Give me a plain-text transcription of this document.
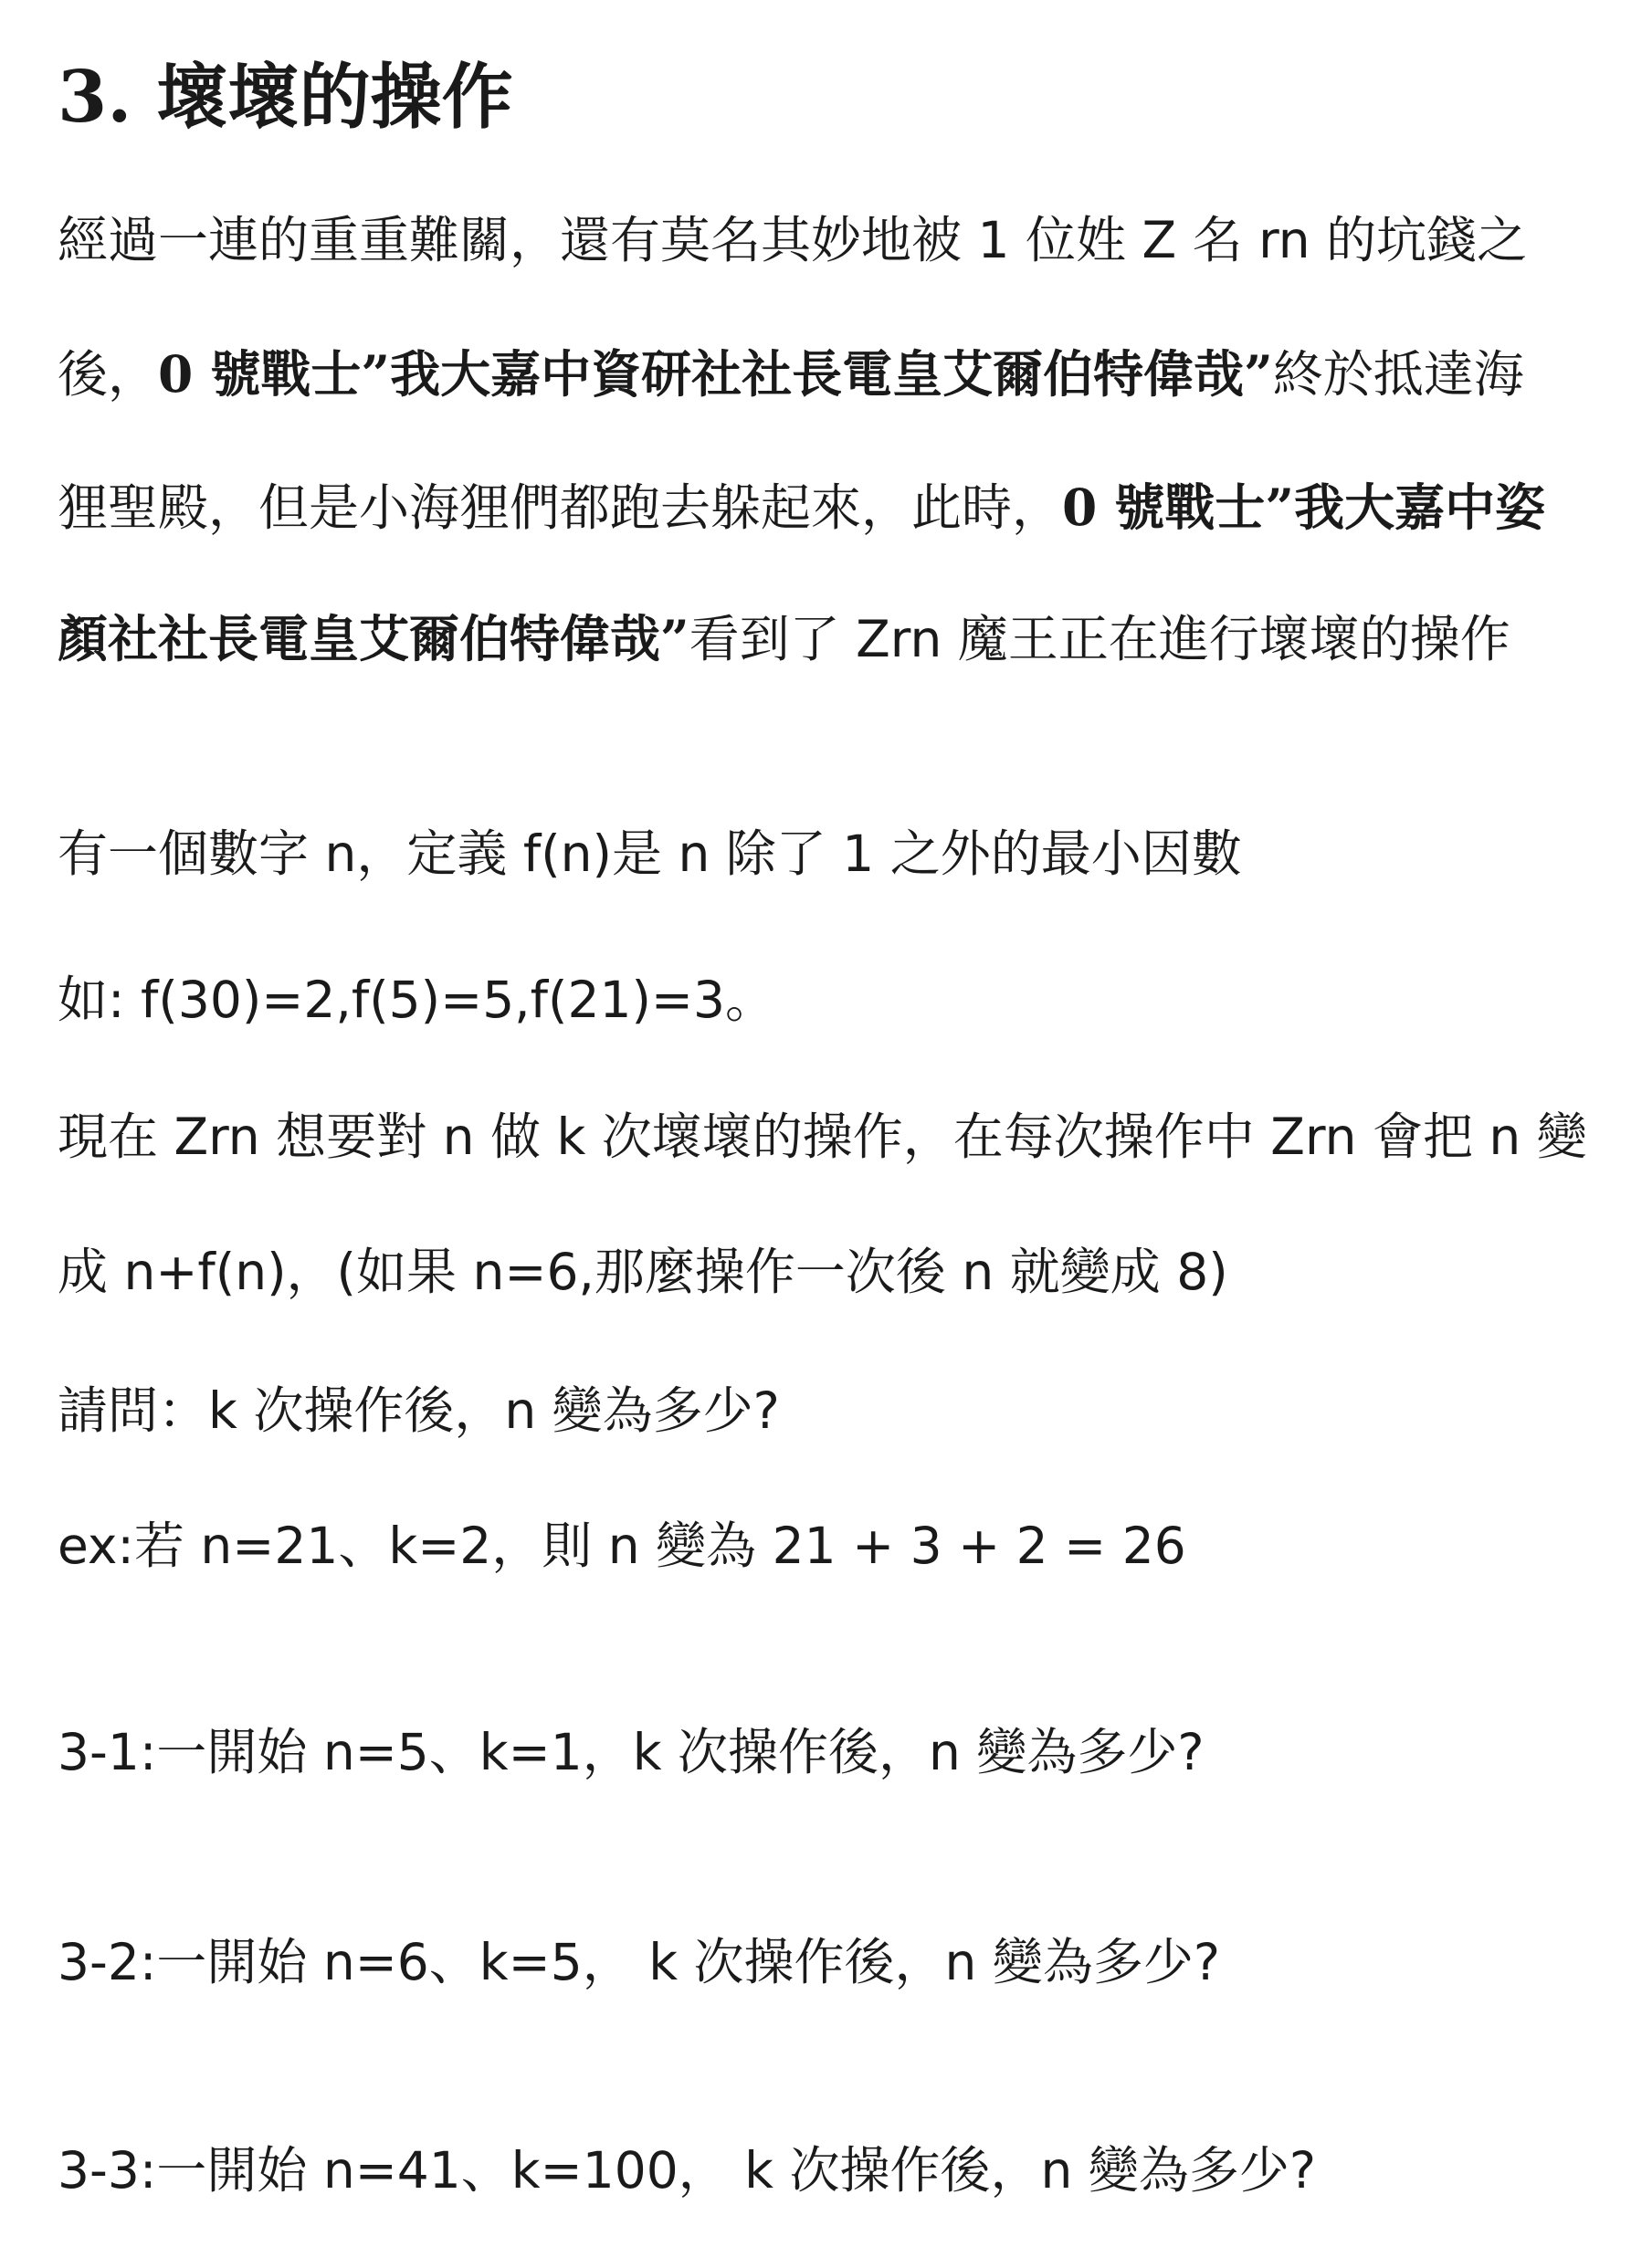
3. 壞壞的操作
經過一連的重重難關，還有莫名其妙地被 1 位姓 Z 名 rn 的坑錢之
後，0 號戰士”我大嘉中資研社社長電皇艾爾伯特偉哉”終於抵達海
狸聖殿，但是小海狸們都跑去躲起來，此時，0 號戰士”我大嘉中姿
顏社社長電皇艾爾伯特偉哉”看到了 Zrn 魔王正在進行壞壞的操作
有一個數字 n，定義 f(n)是 n 除了 1 之外的最小因數
如: f(30)=2,f(5)=5,f(21)=3。
現在 Zrn 想要對 n 做 k 次壞壞的操作，在每次操作中 Zrn 會把 n 變
成 n+f(n)，(如果 n=6,那麼操作一次後 n 就變成 8)
請問：k 次操作後，n 變為多少?
ex:若 n=21、k=2，則 n 變為 21 + 3 + 2 = 26
3-1:一開始 n=5、k=1，k 次操作後，n 變為多少?
3-2:一開始 n=6、k=5， k 次操作後，n 變為多少?
3-3:一開始 n=41、k=100， k 次操作後，n 變為多少?
